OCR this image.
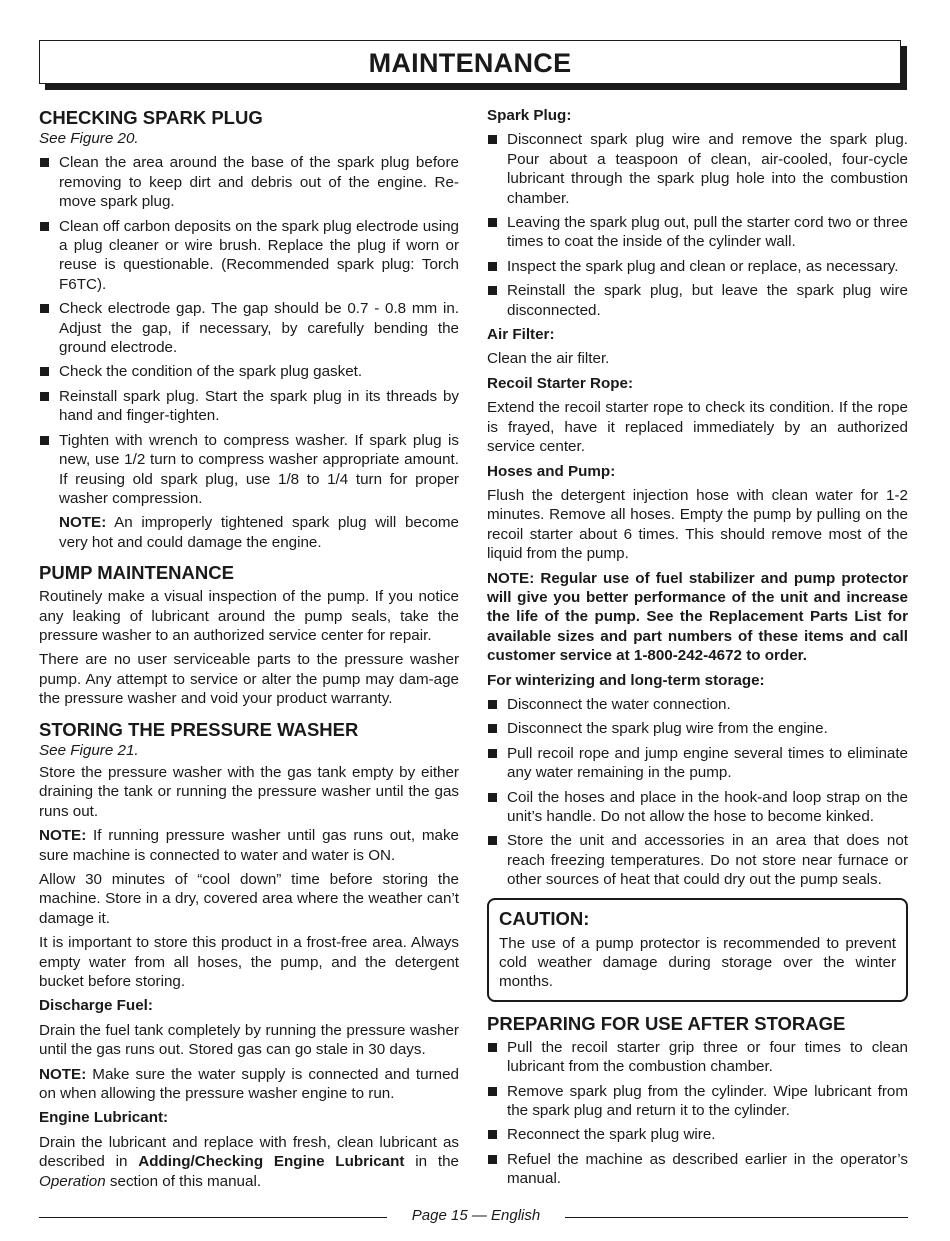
MAINTENANCE
CHECKING SPARK PLUG

See Figure 20.

Clean the area around the base of the spark plug before removing to keep dirt and debris out of the engine. Re-move spark plug.
Clean off carbon deposits on the spark plug electrode using a plug cleaner or wire brush. Replace the plug if worn or reuse is questionable. (Recommended spark plug: Torch F6TC).
Check electrode gap. The gap should be 0.7 - 0.8 mm in. Adjust the gap, if necessary, by carefully bending the ground electrode.
Check the condition of the spark plug gasket.
Reinstall spark plug. Start the spark plug in its threads by hand and finger-tighten.
Tighten with wrench to compress washer. If spark plug is new, use 1/2 turn to compress washer appropriate amount. If reusing old spark plug, use 1/8 to 1/4 turn for proper washer compression.

NOTE: An improperly tightened spark plug will become very hot and could damage the engine.

PUMP MAINTENANCE

Routinely make a visual inspection of the pump. If you notice any leaking of lubricant around the pump seals, take the pressure washer to an authorized service center for repair.

There are no user serviceable parts to the pressure washer pump. Any attempt to service or alter the pump may dam-age the pressure washer and void your product warranty.

STORING THE PRESSURE WASHER

See Figure 21.

Store the pressure washer with the gas tank empty by either draining the tank or running the pressure washer until the gas runs out.

NOTE: If running pressure washer until gas runs out, make sure machine is connected to water and water is ON.

Allow 30 minutes of “cool down” time before storing the machine. Store in a dry, covered area where the weather can’t damage it.

It is important to store this product in a frost-free area. Always empty water from all hoses, the pump, and the detergent bucket before storing.

Discharge Fuel:

Drain the fuel tank completely by running the pressure washer until the gas runs out. Stored gas can go stale in 30 days.

NOTE: Make sure the water supply is connected and turned on when allowing the pressure washer engine to run.

Engine Lubricant:

Drain the lubricant and replace with fresh, clean lubricant as described in Adding/Checking Engine Lubricant in the Operation section of this manual.

Spark Plug:
Disconnect spark plug wire and remove the spark plug. Pour about a teaspoon of clean, air-cooled, four-cycle lubricant through the spark plug hole into the combustion chamber.
Leaving the spark plug out, pull the starter cord two or three times to coat the inside of the cylinder wall.
Inspect the spark plug and clean or replace, as necessary.
Reinstall the spark plug, but leave the spark plug wire disconnected.
Air Filter:

Clean the air filter.

Recoil Starter Rope:

Extend the recoil starter rope to check its condition. If the rope is frayed, have it replaced immediately by an authorized service center.

Hoses and Pump:

Flush the detergent injection hose with clean water for 1-2 minutes. Remove all hoses. Empty the pump by pulling on the recoil starter about 6 times. This should remove most of the liquid from the pump.

NOTE: Regular use of fuel stabilizer and pump protector will give you better performance of the unit and increase the life of the pump. See the Replacement Parts List for available sizes and part numbers of these items and call customer service at 1-800-242-4672 to order.

For winterizing and long-term storage:
Disconnect the water connection.
Disconnect the spark plug wire from the engine.
Pull recoil rope and jump engine several times to eliminate any water remaining in the pump.
Coil the hoses and place in the hook-and loop strap on the unit’s handle. Do not allow the hose to become kinked.
Store the unit and accessories in an area that does not reach freezing temperatures. Do not store near furnace or other sources of heat that could dry out the pump seals.
CAUTION:

The use of a pump protector is recommended to prevent cold weather damage during storage over the winter months.

PREPARING FOR USE AFTER STORAGE
Pull the recoil starter grip three or four times to clean lubricant from the combustion chamber.
Remove spark plug from the cylinder. Wipe lubricant from the spark plug and return it to the cylinder.
Reconnect the spark plug wire.
Refuel the machine as described earlier in the operator’s manual.
Page 15 — English
